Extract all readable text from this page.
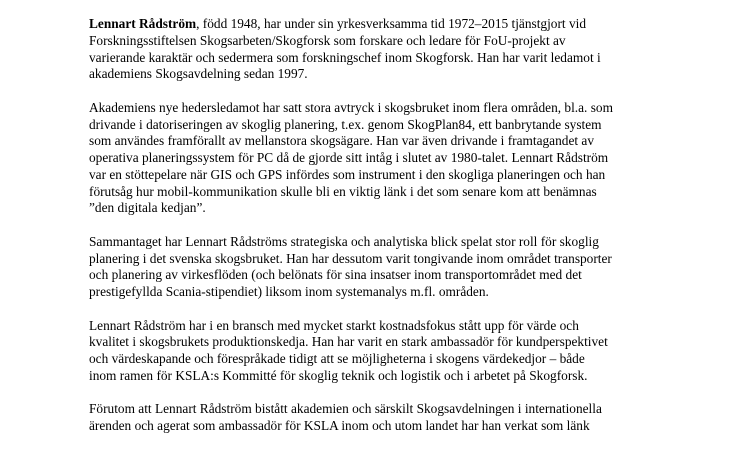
Lennart Rådström, född 1948, har under sin yrkesverksamma tid 1972–2015 tjänstgjort vid
Forskningsstiftelsen Skogsarbeten/Skogforsk som forskare och ledare för FoU-projekt av
varierande karaktär och sedermera som forskningschef inom Skogforsk. Han har varit ledamot i
akademiens Skogsavdelning sedan 1997.

Akademiens nye hedersledamot har satt stora avtryck i skogsbruket inom flera områden, bl.a. som
drivande i datoriseringen av skoglig planering, t.ex. genom SkogPlan84, ett banbrytande system
som användes framförallt av mellanstora skogsägare. Han var även drivande i framtagandet av
operativa planeringssystem för PC då de gjorde sitt intåg i slutet av 1980-talet. Lennart Rådström
var en stöttepelare när GIS och GPS infördes som instrument i den skogliga planeringen och han
förutsåg hur mobil-kommunikation skulle bli en viktig länk i det som senare kom att benämnas
”den digitala kedjan”.

Sammantaget har Lennart Rådströms strategiska och analytiska blick spelat stor roll för skoglig
planering i det svenska skogsbruket. Han har dessutom varit tongivande inom området transporter
och planering av virkesflöden (och belönats för sina insatser inom transportområdet med det
prestigefyllda Scania-stipendiet) liksom inom systemanalys m.fl. områden.

Lennart Rådström har i en bransch med mycket starkt kostnadsfokus stått upp för värde och
kvalitet i skogsbrukets produktionskedja. Han har varit en stark ambassadör för kundperspektivet
och värdeskapande och förespråkade tidigt att se möjligheterna i skogens värdekedjor – både
inom ramen för KSLA:s Kommitté för skoglig teknik och logistik och i arbetet på Skogforsk.

Förutom att Lennart Rådström bistått akademien och särskilt Skogsavdelningen i internationella
ärenden och agerat som ambassadör för KSLA inom och utom landet har han verkat som länk
